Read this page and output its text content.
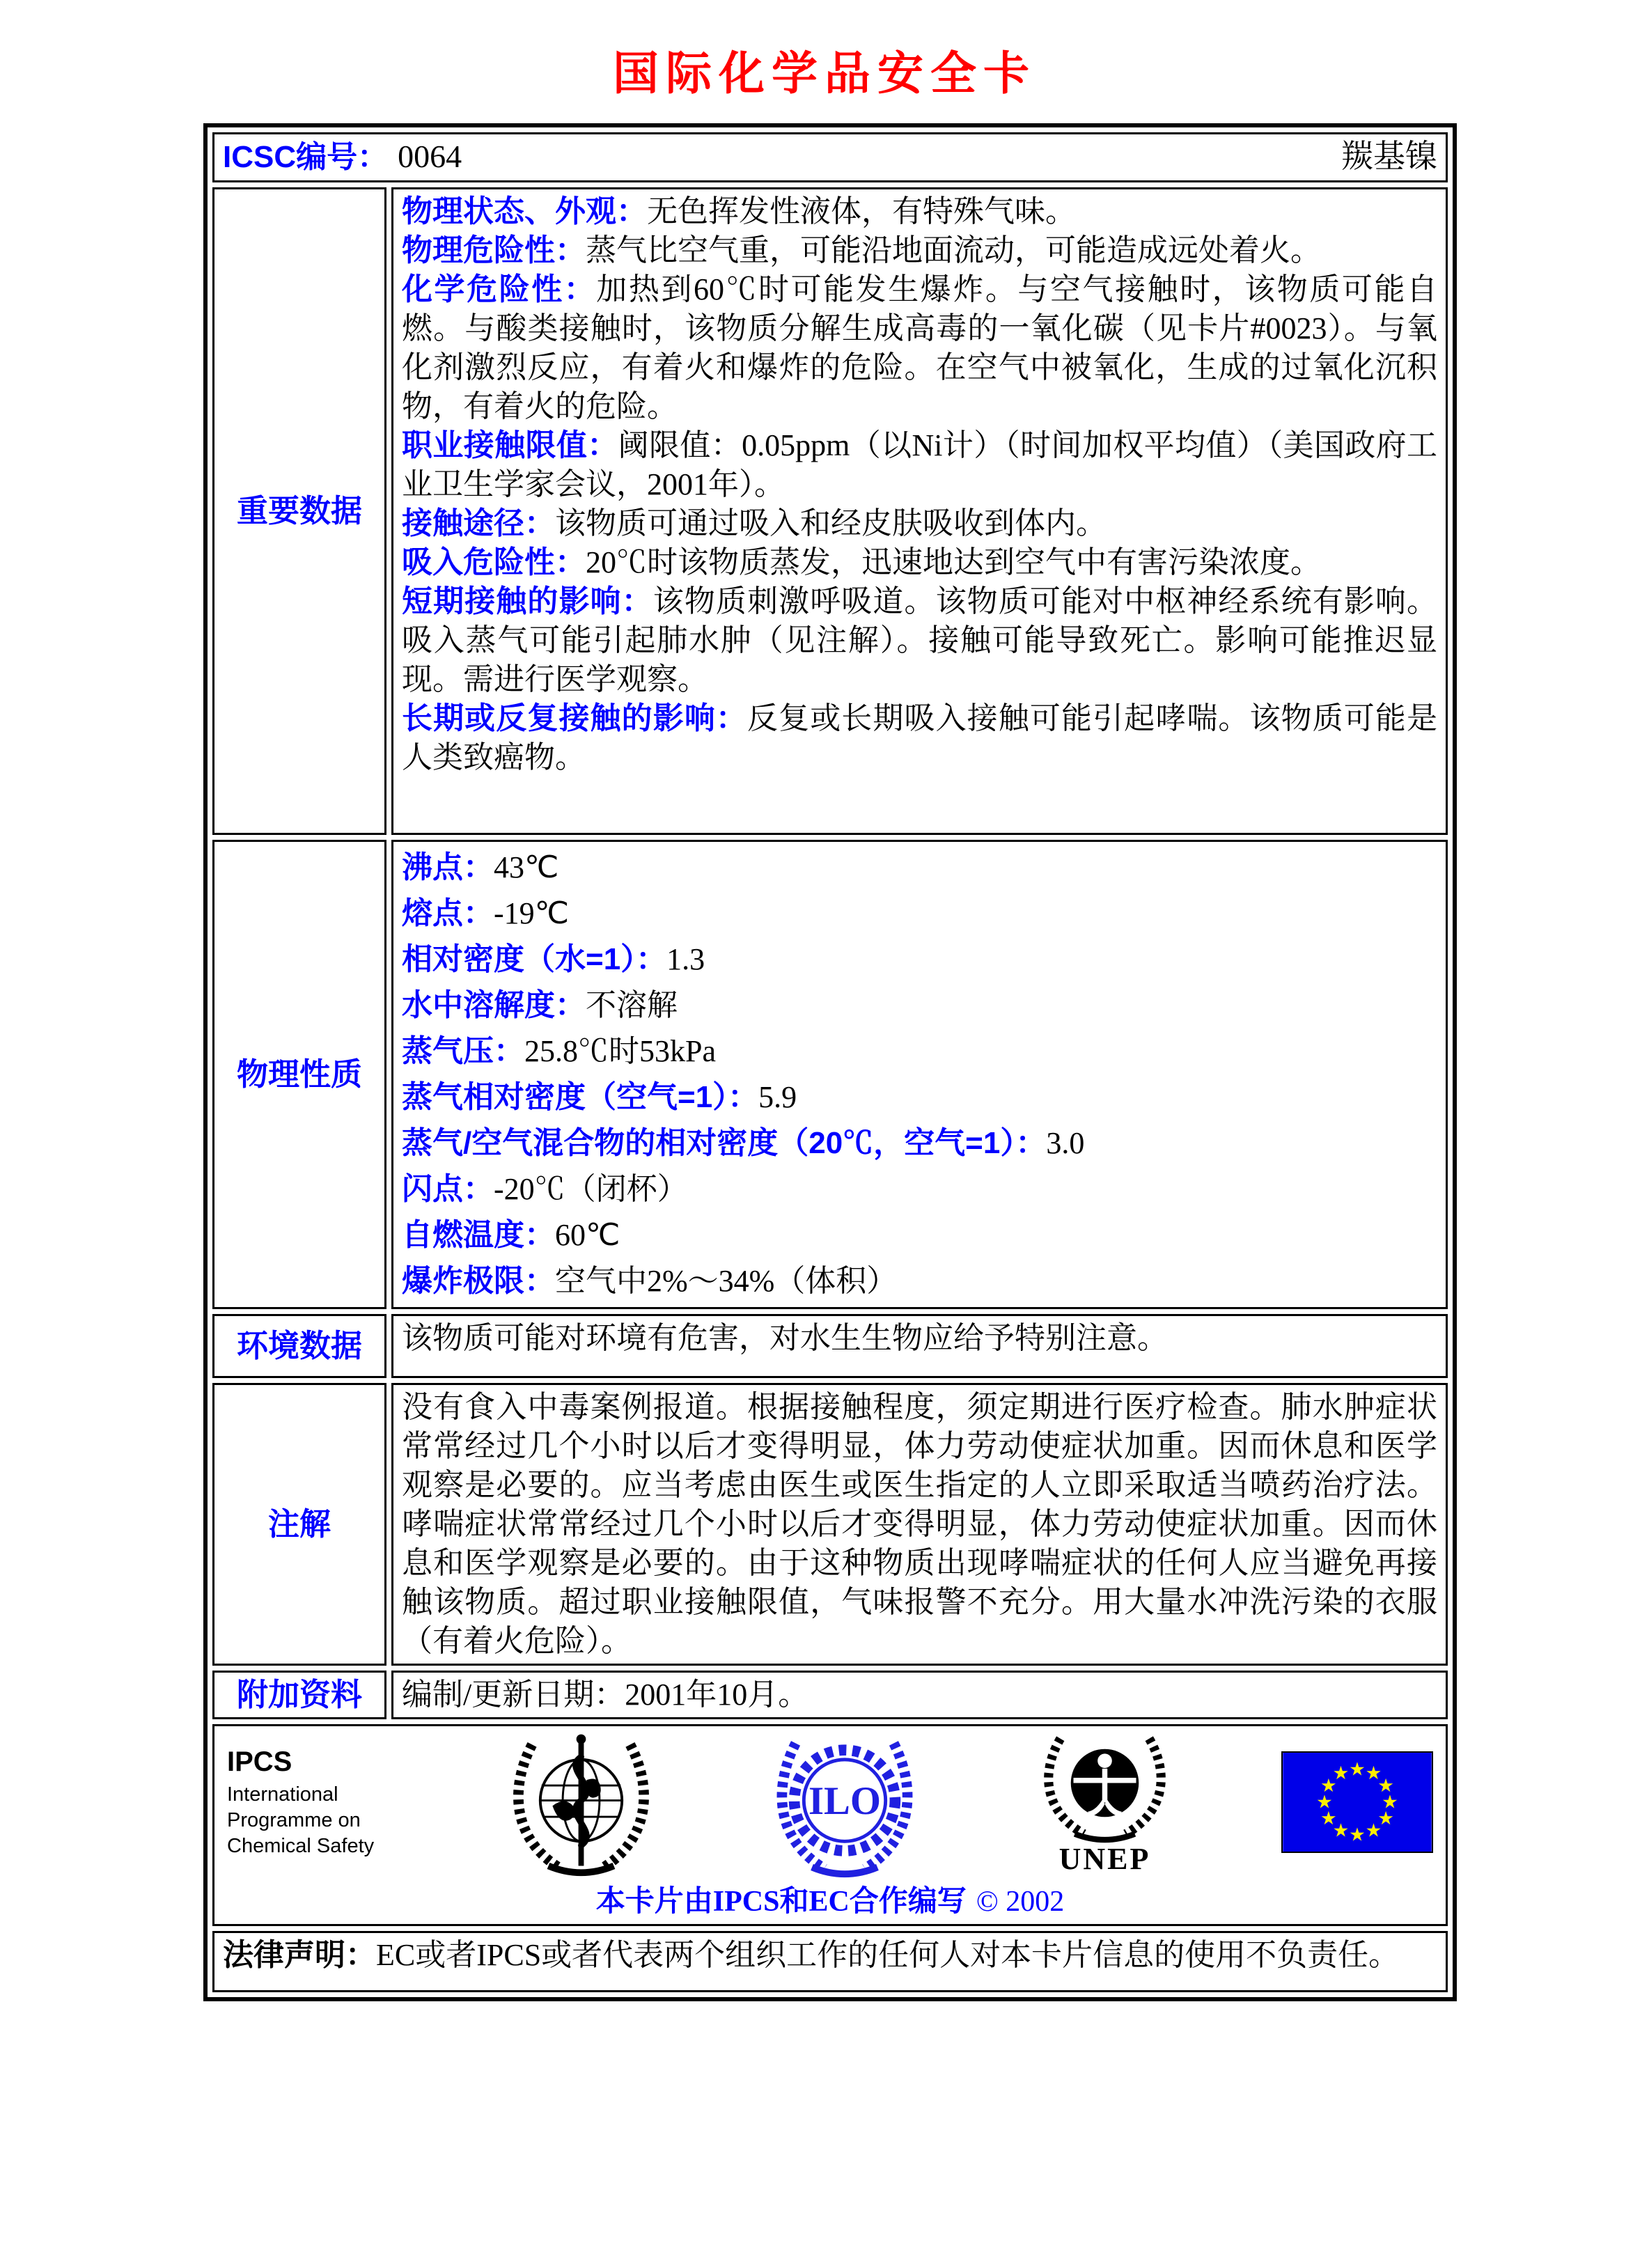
国际化学品安全卡
ICSC编号： 0064 羰基镍	

重要数据	

物理状态、外观：无色挥发性液体，有特殊气味。

物理危险性：蒸气比空气重，可能沿地面流动，可能造成远处着火。

化学危险性：加热到60℃时可能发生爆炸。与空气接触时，该物质可能自燃。与酸类接触时，该物质分解生成高毒的一氧化碳（见卡片#0023）。与氧化剂激烈反应，有着火和爆炸的危险。在空气中被氧化，生成的过氧化沉积物，有着火的危险。

职业接触限值：阈限值：0.05ppm（以Ni计）（时间加权平均值）（美国政府工业卫生学家会议，2001年）。

接触途径：该物质可通过吸入和经皮肤吸收到体内。

吸入危险性：20℃时该物质蒸发，迅速地达到空气中有害污染浓度。

短期接触的影响：该物质刺激呼吸道。该物质可能对中枢神经系统有影响。吸入蒸气可能引起肺水肿（见注解）。接触可能导致死亡。影响可能推迟显现。需进行医学观察。

长期或反复接触的影响：反复或长期吸入接触可能引起哮喘。该物质可能是人类致癌物。

物理性质	

沸点：43℃

熔点：-19℃

相对密度（水=1）：1.3

水中溶解度：不溶解

蒸气压：25.8℃时53kPa

蒸气相对密度（空气=1）：5.9

蒸气/空气混合物的相对密度（20℃，空气=1）：3.0

闪点：-20℃（闭杯）

自燃温度：60℃

爆炸极限：空气中2%～34%（体积）

环境数据	该物质可能对环境有危害，对水生生物应给予特别注意。

注解	没有食入中毒案例报道。根据接触程度，须定期进行医疗检查。肺水肿症状常常经过几个小时以后才变得明显，体力劳动使症状加重。因而休息和医学观察是必要的。应当考虑由医生或医生指定的人立即采取适当喷药治疗法。哮喘症状常常经过几个小时以后才变得明显，体力劳动使症状加重。因而休息和医学观察是必要的。由于这种物质出现哮喘症状的任何人应当避免再接触该物质。超过职业接触限值，气味报警不充分。用大量水冲洗污染的衣服（有着火危险）。

附加资料	编制/更新日期：2001年10月。

IPCS
International
Programme on
Chemical Safety
ILO
UNEP
★ ★
★
★
★
★
★
★
★
★
★
★
本卡片由IPCS和EC合作编写 © 2002

法律声明：EC或者IPCS或者代表两个组织工作的任何人对本卡片信息的使用不负责任。	
